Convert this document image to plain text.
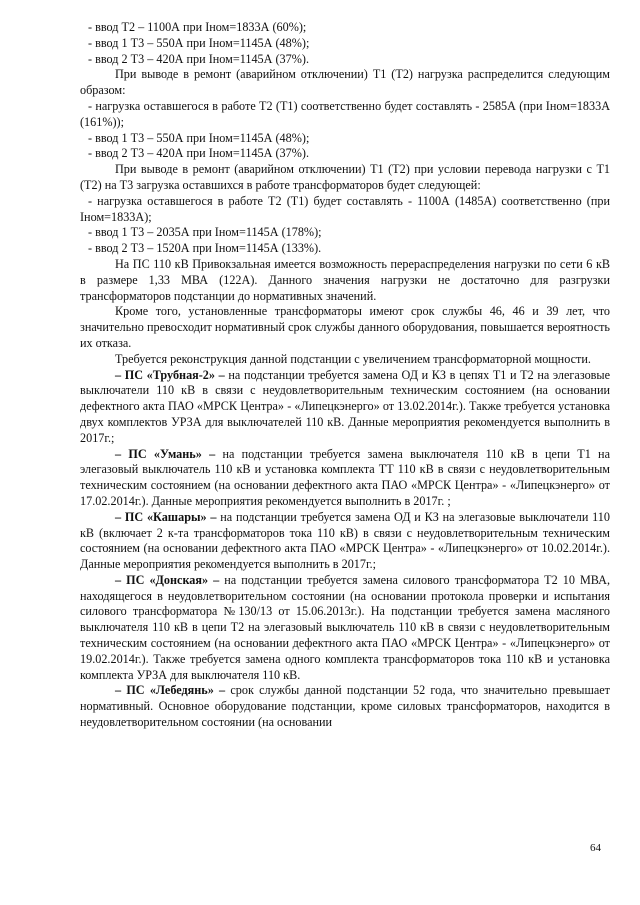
- ввод Т2 – 1100А при Iном=1833А (60%);
- ввод 1 Т3 – 550А при Iном=1145А (48%);
- ввод 2 Т3 – 420А при Iном=1145А (37%).
При выводе в ремонт (аварийном отключении) Т1 (Т2) нагрузка распределится следующим образом:
- нагрузка оставшегося в работе Т2 (Т1) соответственно будет составлять - 2585А (при Iном=1833А (161%));
- ввод 1 Т3 – 550А при Iном=1145А (48%);
- ввод 2 Т3 – 420А при Iном=1145А (37%).
При выводе в ремонт (аварийном отключении) Т1 (Т2) при условии перевода нагрузки с Т1 (Т2) на Т3 загрузка оставшихся в работе трансформаторов будет следующей:
- нагрузка оставшегося в работе Т2 (Т1) будет составлять - 1100А (1485А) соответственно (при Iном=1833А);
- ввод 1 Т3 – 2035А при Iном=1145А (178%);
- ввод 2 Т3 – 1520А при Iном=1145А (133%).
На ПС 110 кВ Привокзальная имеется возможность перераспределения нагрузки по сети 6 кВ в размере 1,33 МВА (122А). Данного значения нагрузки не достаточно для разгрузки трансформаторов подстанции до нормативных значений.
Кроме того, установленные трансформаторы имеют срок службы 46, 46 и 39 лет, что значительно превосходит нормативный срок службы данного оборудования, повышается вероятность их отказа.
Требуется реконструкция данной подстанции с увеличением трансформаторной мощности.
– ПС «Трубная-2» – на подстанции требуется замена ОД и КЗ в цепях Т1 и Т2 на элегазовые выключатели 110 кВ в связи с неудовлетворительным техническим состоянием (на основании дефектного акта ПАО «МРСК Центра» - «Липецкэнерго» от 13.02.2014г.). Также требуется установка двух комплектов УРЗА для выключателей 110 кВ. Данные мероприятия рекомендуется выполнить в 2017г.;
– ПС «Умань» – на подстанции требуется замена выключателя 110 кВ в цепи Т1 на элегазовый выключатель 110 кВ и установка комплекта ТТ 110 кВ в связи с неудовлетворительным техническим состоянием (на основании дефектного акта ПАО «МРСК Центра» - «Липецкэнерго» от 17.02.2014г.). Данные мероприятия рекомендуется выполнить в 2017г. ;
– ПС «Кашары» – на подстанции требуется замена ОД и КЗ на элегазовые выключатели 110 кВ (включает 2 к-та трансформаторов тока 110 кВ) в связи с неудовлетворительным техническим состоянием (на основании дефектного акта ПАО «МРСК Центра» - «Липецкэнерго» от 10.02.2014г.). Данные мероприятия рекомендуется выполнить в 2017г.;
– ПС «Донская» – на подстанции требуется замена силового трансформатора Т2 10 МВА, находящегося в неудовлетворительном состоянии (на основании протокола проверки и испытания силового трансформатора №130/13 от 15.06.2013г.). На подстанции требуется замена масляного выключателя 110 кВ в цепи Т2 на элегазовый выключатель 110 кВ в связи с неудовлетворительным техническим состоянием (на основании дефектного акта ПАО «МРСК Центра» - «Липецкэнерго» от 19.02.2014г.). Также требуется замена одного комплекта трансформаторов тока 110 кВ и установка комплекта УРЗА для выключателя 110 кВ.
– ПС «Лебедянь» – срок службы данной подстанции 52 года, что значительно превышает нормативный. Основное оборудование подстанции, кроме силовых трансформаторов, находится в неудовлетворительном состоянии (на основании
64
